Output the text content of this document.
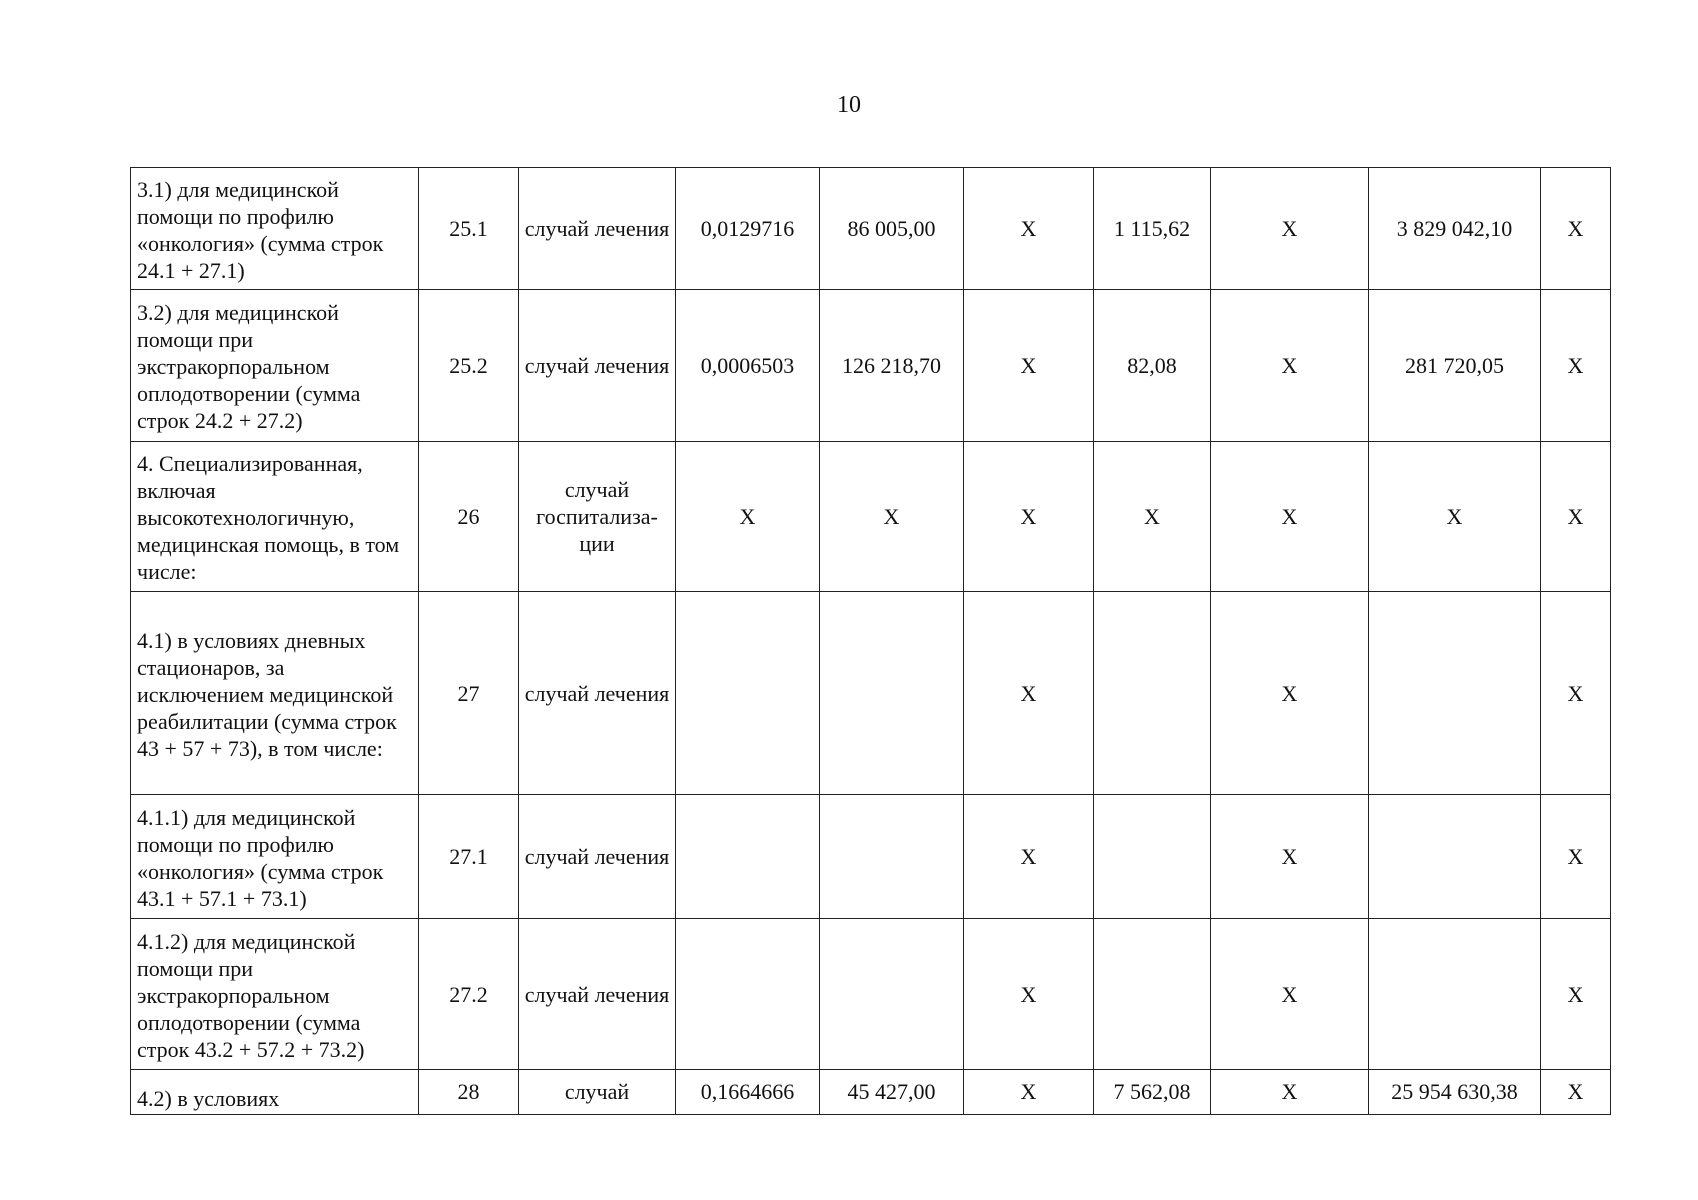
10
3.1) для медицинской помощи по профилю «онкология» (сумма строк 24.1 + 27.1)	25.1	случай лечения	0,0129716	86 005,00	X	1 115,62	X	3 829 042,10	X
3.2) для медицинской помощи при экстракорпоральном оплодотворении (сумма строк 24.2 + 27.2)	25.2	случай лечения	0,0006503	126 218,70	X	82,08	X	281 720,05	X
4. Специализированная, включая высокотехнологичную, медицинская помощь, в том числе:	26	случай госпитализа- ции	X	X	X	X	X	X	X
4.1) в условиях дневных стационаров, за исключением медицинской реабилитации (сумма строк 43 + 57 + 73), в том числе:	27	случай лечения			X		X		X
4.1.1) для медицинской помощи по профилю «онкология» (сумма строк 43.1 + 57.1 + 73.1)	27.1	случай лечения			X		X		X
4.1.2) для медицинской помощи при экстракорпоральном оплодотворении (сумма строк 43.2 + 57.2 + 73.2)	27.2	случай лечения			X		X		X
4.2) в условиях	28	случай	0,1664666	45 427,00	X	7 562,08	X	25 954 630,38	X
